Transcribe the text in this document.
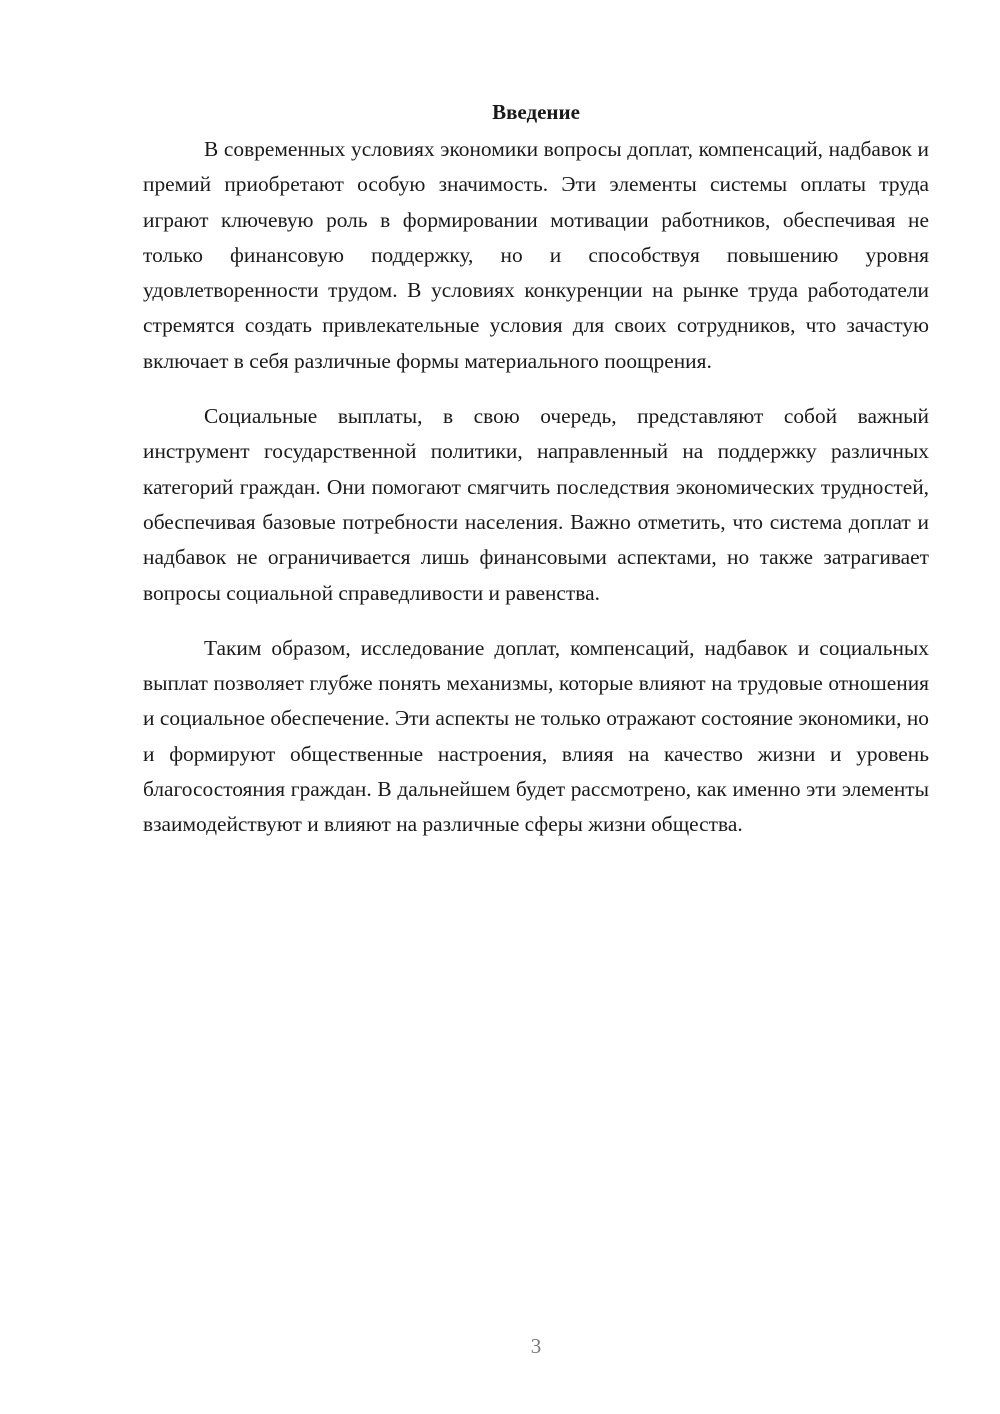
Введение

В современных условиях экономики вопросы доплат, компенсаций, надбавок и премий приобретают особую значимость. Эти элементы системы оплаты труда играют ключевую роль в формировании мотивации работников, обеспечивая не только финансовую поддержку, но и способствуя повышению уровня удовлетворенности трудом. В условиях конкуренции на рынке труда работодатели стремятся создать привлекательные условия для своих сотрудников, что зачастую включает в себя различные формы материального поощрения.

Социальные выплаты, в свою очередь, представляют собой важный инструмент государственной политики, направленный на поддержку различных категорий граждан. Они помогают смягчить последствия экономических трудностей, обеспечивая базовые потребности населения. Важно отметить, что система доплат и надбавок не ограничивается лишь финансовыми аспектами, но также затрагивает вопросы социальной справедливости и равенства.

Таким образом, исследование доплат, компенсаций, надбавок и социальных выплат позволяет глубже понять механизмы, которые влияют на трудовые отношения и социальное обеспечение. Эти аспекты не только отражают состояние экономики, но и формируют общественные настроения, влияя на качество жизни и уровень благосостояния граждан. В дальнейшем будет рассмотрено, как именно эти элементы взаимодействуют и влияют на различные сферы жизни общества.

3
